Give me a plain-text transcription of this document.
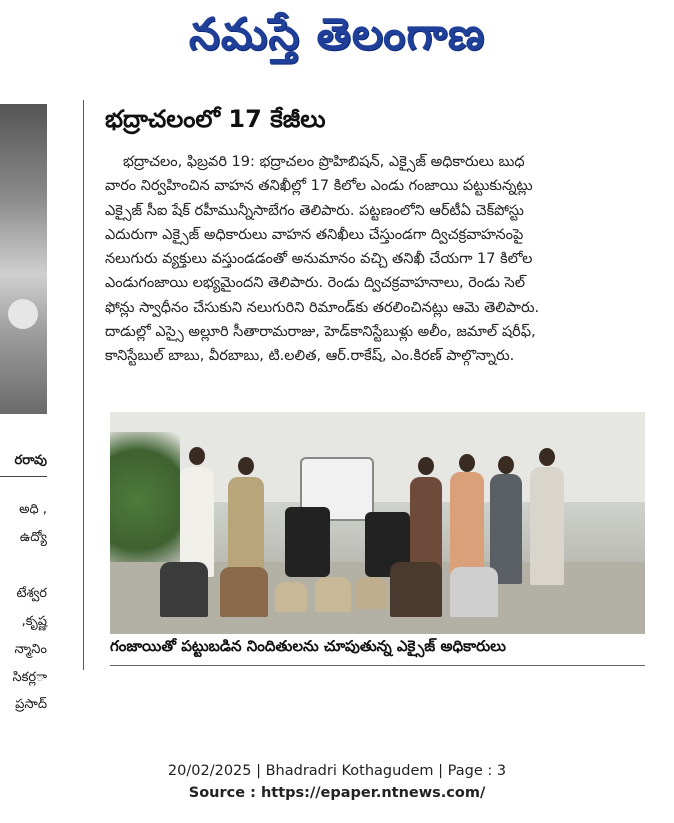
నమస్తే తెలంగాణ
రరావు
, అధి
ఉద్యో
టేశ్వర
కృష్ణ,
న్మానిం
ాసికర్ల
ప్రసాద్
భద్రాచలంలో 17 కేజీలు
భద్రాచలం, ఫిబ్రవరి 19: భద్రాచలం ప్రొహిబిషన్, ఎక్సైజ్ అధికారులు బుధ
వారం నిర్వహించిన వాహన తనిఖీల్లో 17 కిలోల ఎండు గంజాయి పట్టుకున్నట్లు
ఎక్సైజ్ సీఐ షేక్ రహీమున్నీసాబేగం తెలిపారు. పట్టణంలోని ఆర్‌టీఏ చెక్‌పోస్టు
ఎదురుగా ఎక్సైజ్ అధికారులు వాహన తనిఖీలు చేస్తుండగా ద్విచక్రవాహనంపై
నలుగురు వ్యక్తులు వస్తుండడంతో అనుమానం వచ్చి తనిఖీ చేయగా 17 కిలోల
ఎండుగంజాయి లభ్యమైందని తెలిపారు. రెండు ద్విచక్రవాహనాలు, రెండు సెల్
ఫోన్లు స్వాధీనం చేసుకుని నలుగురిని రిమాండ్‌కు తరలించినట్లు ఆమె తెలిపారు.
దాడుల్లో ఎస్సై అల్లూరి సీతారామరాజు, హెడ్‌కానిస్టేబుళ్లు అలీం, జమాల్ షరీఫ్,
కానిస్టేబుల్ బాబు, వీరబాబు, టి.లలిత, ఆర్.రాకేష్, ఎం.కిరణ్ పాల్గొన్నారు.
గంజాయితో పట్టుబడిన నిందితులను చూపుతున్న ఎక్సైజ్ అధికారులు
20/02/2025 | Bhadradri Kothagudem | Page : 3
Source : https://epaper.ntnews.com/
